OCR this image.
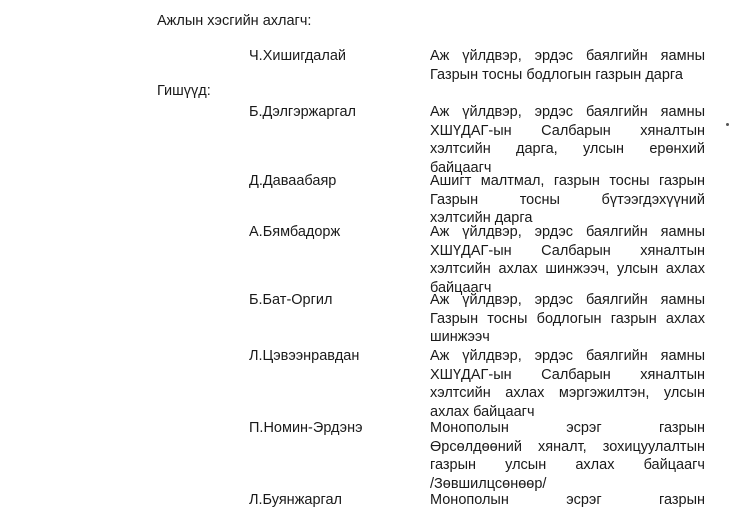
Ажлын хэсгийн ахлагч:
Ч.Хишигдалай	Аж үйлдвэр, эрдэс баялгийн яамны
Газрын тосны бодлогын газрын дарга
Гишүүд:
Б.Дэлгэржаргал	Аж үйлдвэр, эрдэс баялгийн яамны
ХШҮДАГ-ын Салбарын хяналтын
хэлтсийн дарга, улсын ерөнхий
байцаагч
Д.Даваабаяр	Ашигт малтмал, газрын тосны газрын
Газрын тосны бүтээгдэхүүний
хэлтсийн дарга
А.Бямбадорж	Аж үйлдвэр, эрдэс баялгийн яамны
ХШҮДАГ-ын Салбарын хяналтын
хэлтсийн ахлах шинжээч, улсын ахлах
байцаагч
Б.Бат-Оргил	Аж үйлдвэр, эрдэс баялгийн яамны
Газрын тосны бодлогын газрын ахлах
шинжээч
Л.Цэвээнравдан	Аж үйлдвэр, эрдэс баялгийн яамны
ХШҮДАГ-ын Салбарын хяналтын
хэлтсийн ахлах мэргэжилтэн, улсын
ахлах байцаагч
П.Номин-Эрдэнэ	Монополын эсрэг газрын
Өрсөлдөөний хяналт, зохицуулалтын
газрын улсын ахлах байцаагч
/Зөвшилцсөнөөр/
Л.Буянжаргал	Монополын эсрэг газрын
